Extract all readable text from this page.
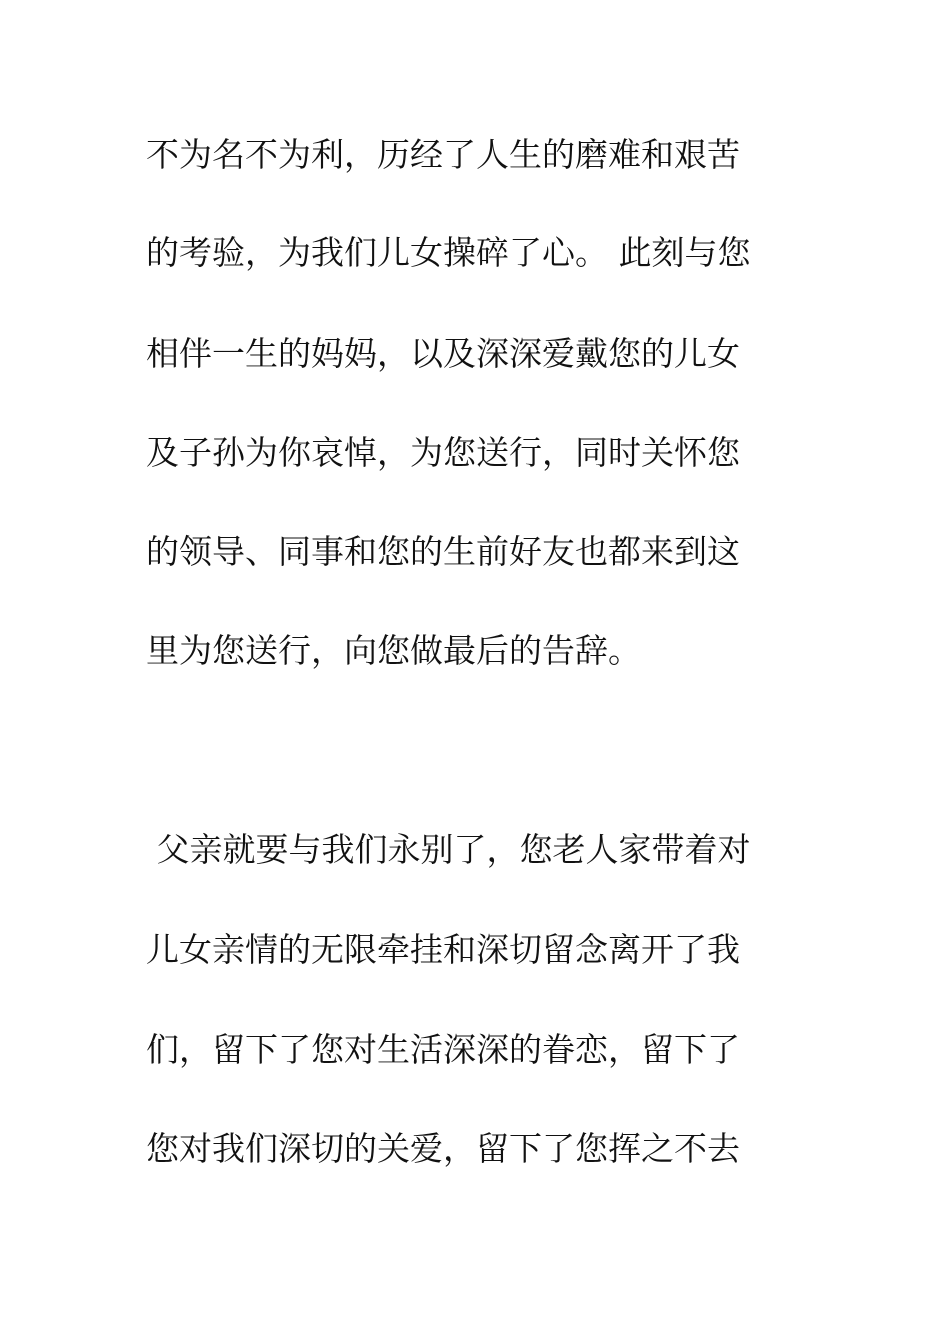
不为名不为利，历经了人生的磨难和艰苦
的考验，为我们儿女操碎了心。 此刻与您
相伴一生的妈妈，以及深深爱戴您的儿女
及子孙为你哀悼，为您送行，同时关怀您
的领导、同事和您的生前好友也都来到这
里为您送行，向您做最后的告辞。
父亲就要与我们永别了，您老人家带着对
儿女亲情的无限牵挂和深切留念离开了我
们，留下了您对生活深深的眷恋，留下了
您对我们深切的关爱，留下了您挥之不去
